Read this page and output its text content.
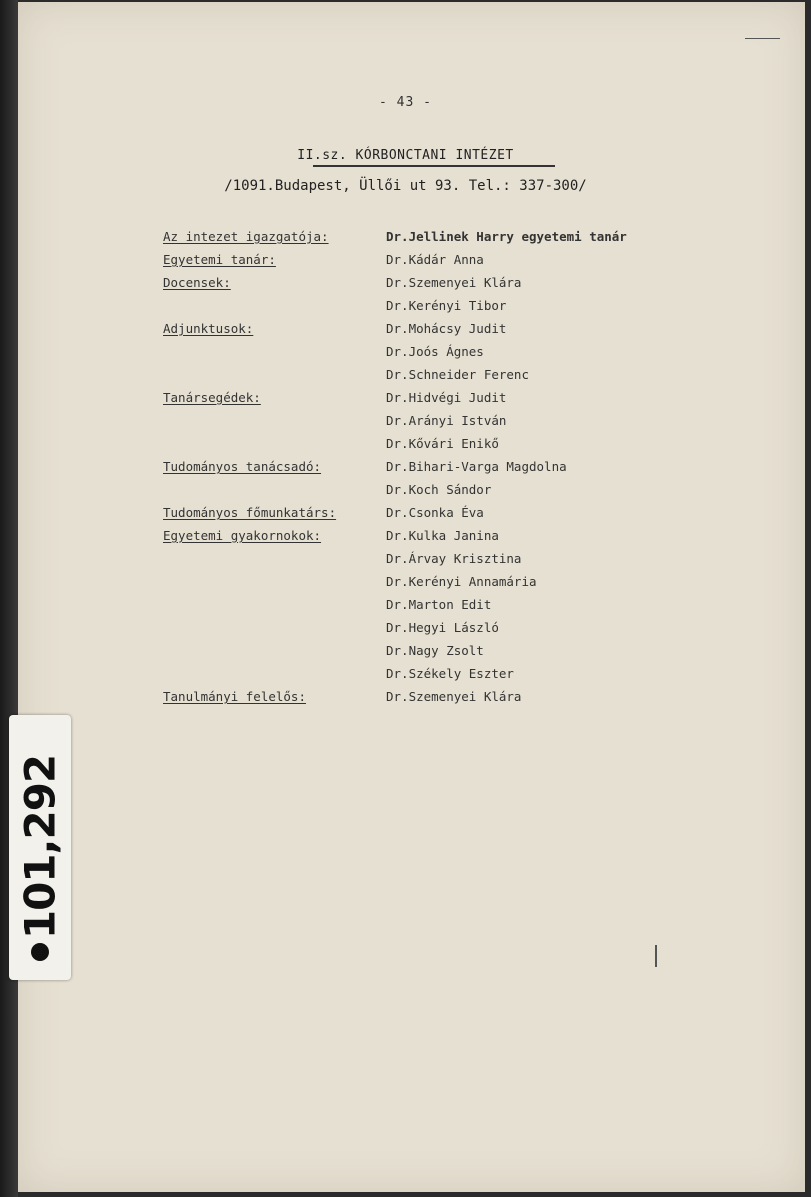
- 43 -
II.sz. KÓRBONCTANI INTÉZET
/1091.Budapest, Üllői ut 93. Tel.: 337-300/
Az intezet igazgatója:	Dr.Jellinek Harry egyetemi tanár
Egyetemi tanár:	Dr.Kádár Anna
Docensek:	Dr.Szemenyei Klára
Dr.Kerényi Tibor
Adjunktusok:	Dr.Mohácsy Judit
Dr.Joós Ágnes
Dr.Schneider Ferenc
Tanársegédek:	Dr.Hidvégi Judit
Dr.Arányi István
Dr.Kővári Enikő
Tudományos tanácsadó:	Dr.Bihari-Varga Magdolna
Dr.Koch Sándor
Tudományos főmunkatárs:	Dr.Csonka Éva
Egyetemi gyakornokok:	Dr.Kulka Janina
Dr.Árvay Krisztina
Dr.Kerényi Annamária
Dr.Marton Edit
Dr.Hegyi László
Dr.Nagy Zsolt
Dr.Székely Eszter
Tanulmányi felelős:	Dr.Szemenyei Klára
101,292
